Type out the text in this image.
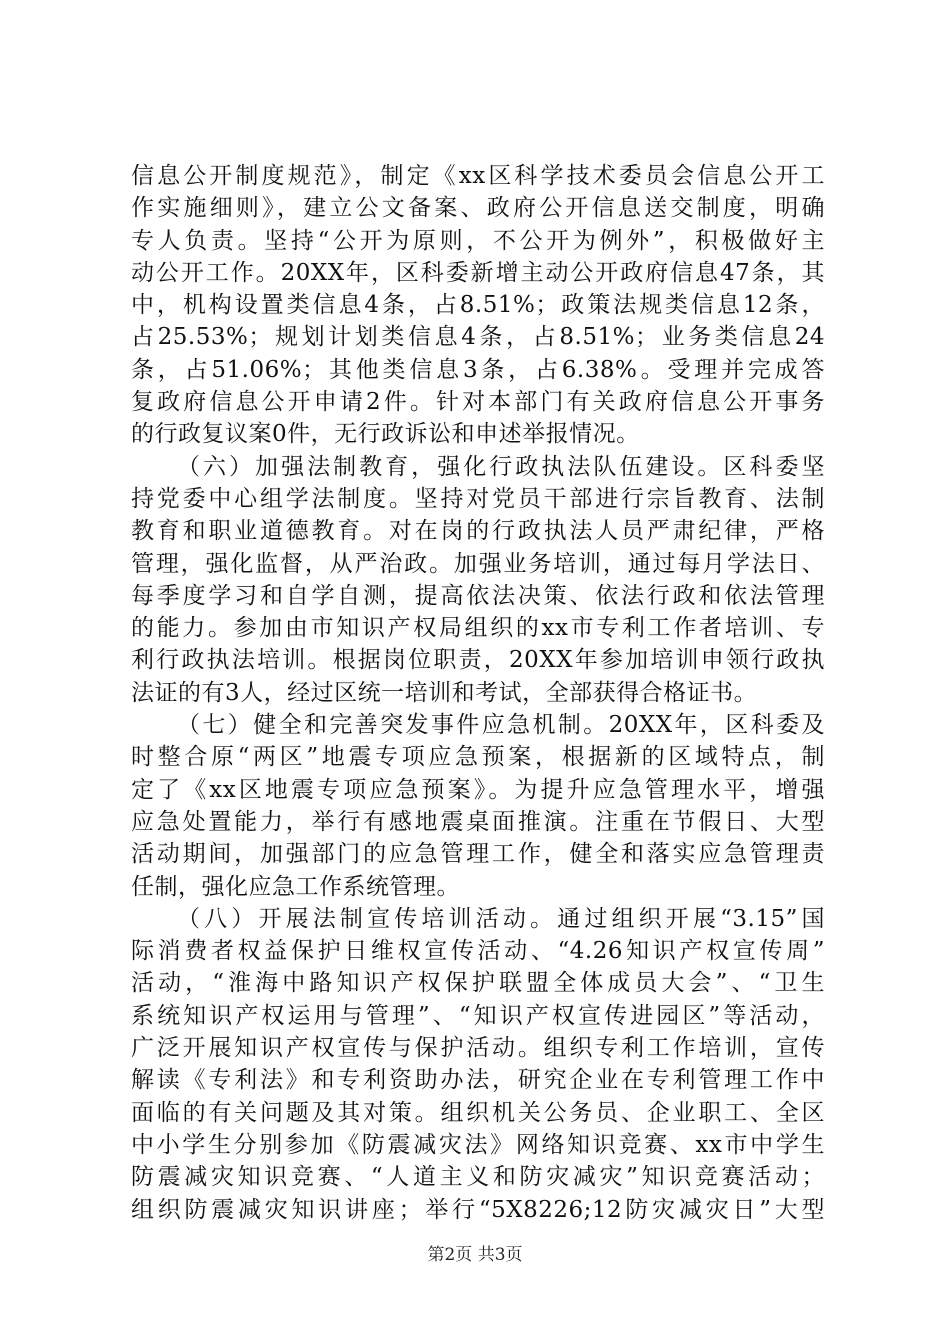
信息公开制度规范》，制定《xx区科学技术委员会信息公开工
作实施细则》，建立公文备案、政府公开信息送交制度，明确
专人负责。坚持“公开为原则，不公开为例外”，积极做好主
动公开工作。20XX年，区科委新增主动公开政府信息47条，其
中，机构设置类信息4条，占8.51%；政策法规类信息12条，
占25.53%；规划计划类信息4条，占8.51%；业务类信息24
条，占51.06%；其他类信息3条，占6.38%。受理并完成答
复政府信息公开申请2件。针对本部门有关政府信息公开事务
的行政复议案0件，无行政诉讼和申述举报情况。
（六）加强法制教育，强化行政执法队伍建设。区科委坚
持党委中心组学法制度。坚持对党员干部进行宗旨教育、法制
教育和职业道德教育。对在岗的行政执法人员严肃纪律，严格
管理，强化监督，从严治政。加强业务培训，通过每月学法日、
每季度学习和自学自测，提高依法决策、依法行政和依法管理
的能力。参加由市知识产权局组织的xx市专利工作者培训、专
利行政执法培训。根据岗位职责，20XX年参加培训申领行政执
法证的有3人，经过区统一培训和考试，全部获得合格证书。
（七）健全和完善突发事件应急机制。20XX年，区科委及
时整合原“两区”地震专项应急预案，根据新的区域特点，制
定了《xx区地震专项应急预案》。为提升应急管理水平，增强
应急处置能力，举行有感地震桌面推演。注重在节假日、大型
活动期间，加强部门的应急管理工作，健全和落实应急管理责
任制，强化应急工作系统管理。
（八）开展法制宣传培训活动。通过组织开展“3.15”国
际消费者权益保护日维权宣传活动、“4.26知识产权宣传周”
活动，“淮海中路知识产权保护联盟全体成员大会”、“卫生
系统知识产权运用与管理”、“知识产权宣传进园区”等活动，
广泛开展知识产权宣传与保护活动。组织专利工作培训，宣传
解读《专利法》和专利资助办法，研究企业在专利管理工作中
面临的有关问题及其对策。组织机关公务员、企业职工、全区
中小学生分别参加《防震减灾法》网络知识竞赛、xx市中学生
防震减灾知识竞赛、“人道主义和防灾减灾”知识竞赛活动；
组织防震减灾知识讲座；举行“5X8226;12防灾减灾日”大型
第2页 共3页
